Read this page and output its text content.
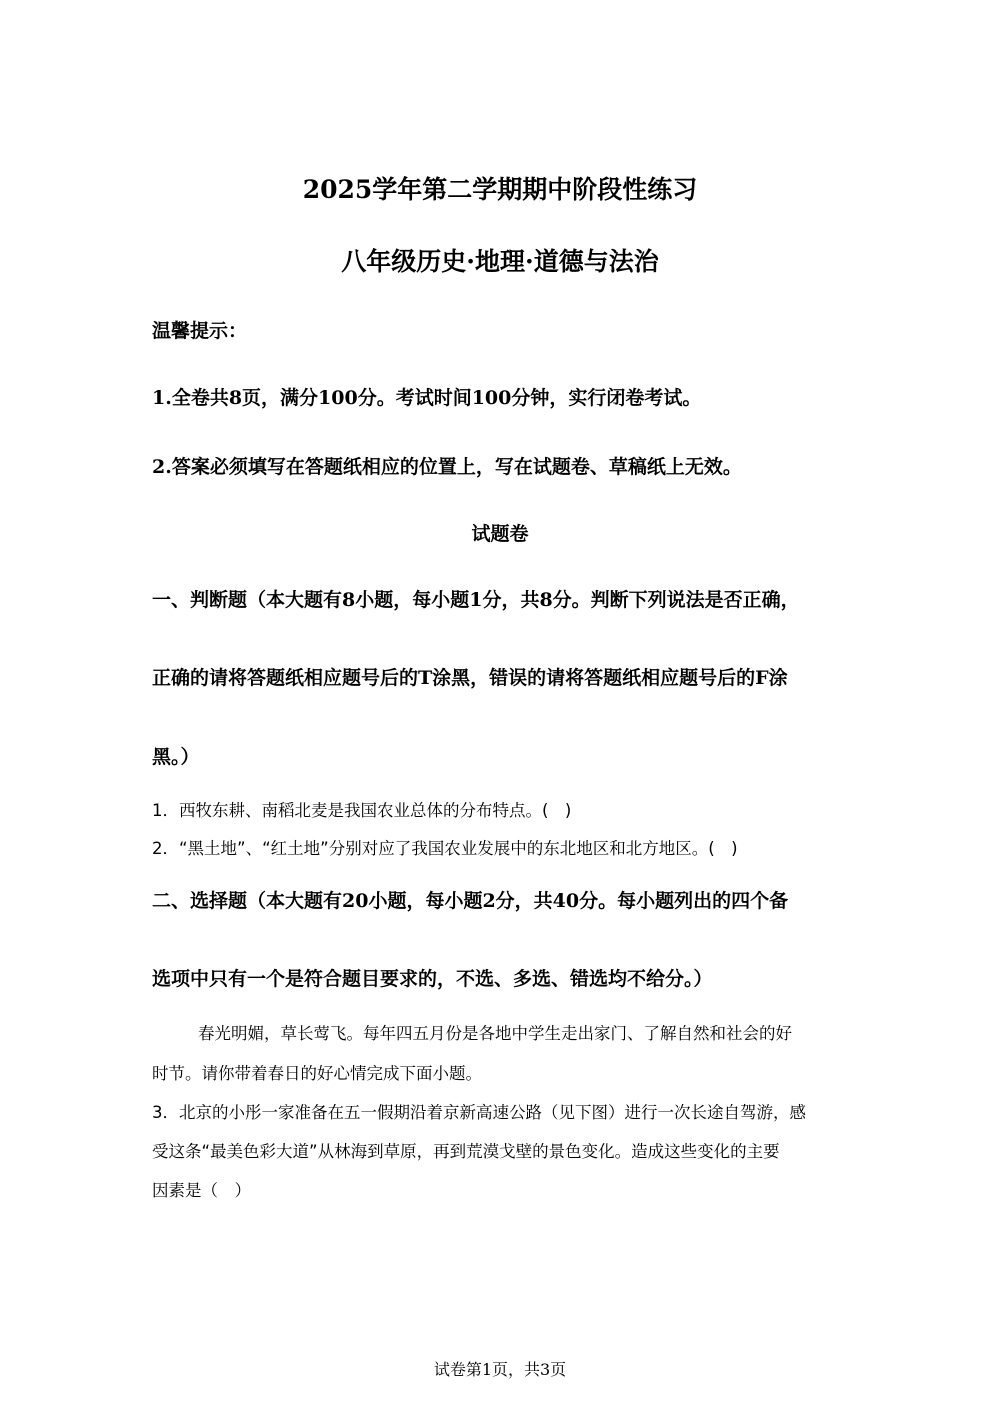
2025学年第二学期期中阶段性练习
八年级历史·地理·道德与法治
温馨提示：
1.全卷共8页，满分100分。考试时间100分钟，实行闭卷考试。
2.答案必须填写在答题纸相应的位置上，写在试题卷、草稿纸上无效。
试题卷
一、判断题（本大题有8小题，每小题1分，共8分。判断下列说法是否正确，
正确的请将答题纸相应题号后的T涂黑，错误的请将答题纸相应题号后的F涂
黑。）
1．西牧东耕、南稻北麦是我国农业总体的分布特点。(　)
2．“黑土地”、“红土地”分别对应了我国农业发展中的东北地区和北方地区。(　)
二、选择题（本大题有20小题，每小题2分，共40分。每小题列出的四个备
选项中只有一个是符合题目要求的，不选、多选、错选均不给分。）
春光明媚，草长莺飞。每年四五月份是各地中学生走出家门、了解自然和社会的好
时节。请你带着春日的好心情完成下面小题。
3．北京的小彤一家准备在五一假期沿着京新高速公路（见下图）进行一次长途自驾游，感
受这条“最美色彩大道”从林海到草原，再到荒漠戈壁的景色变化。造成这些变化的主要
因素是（　）
试卷第1页，共3页
